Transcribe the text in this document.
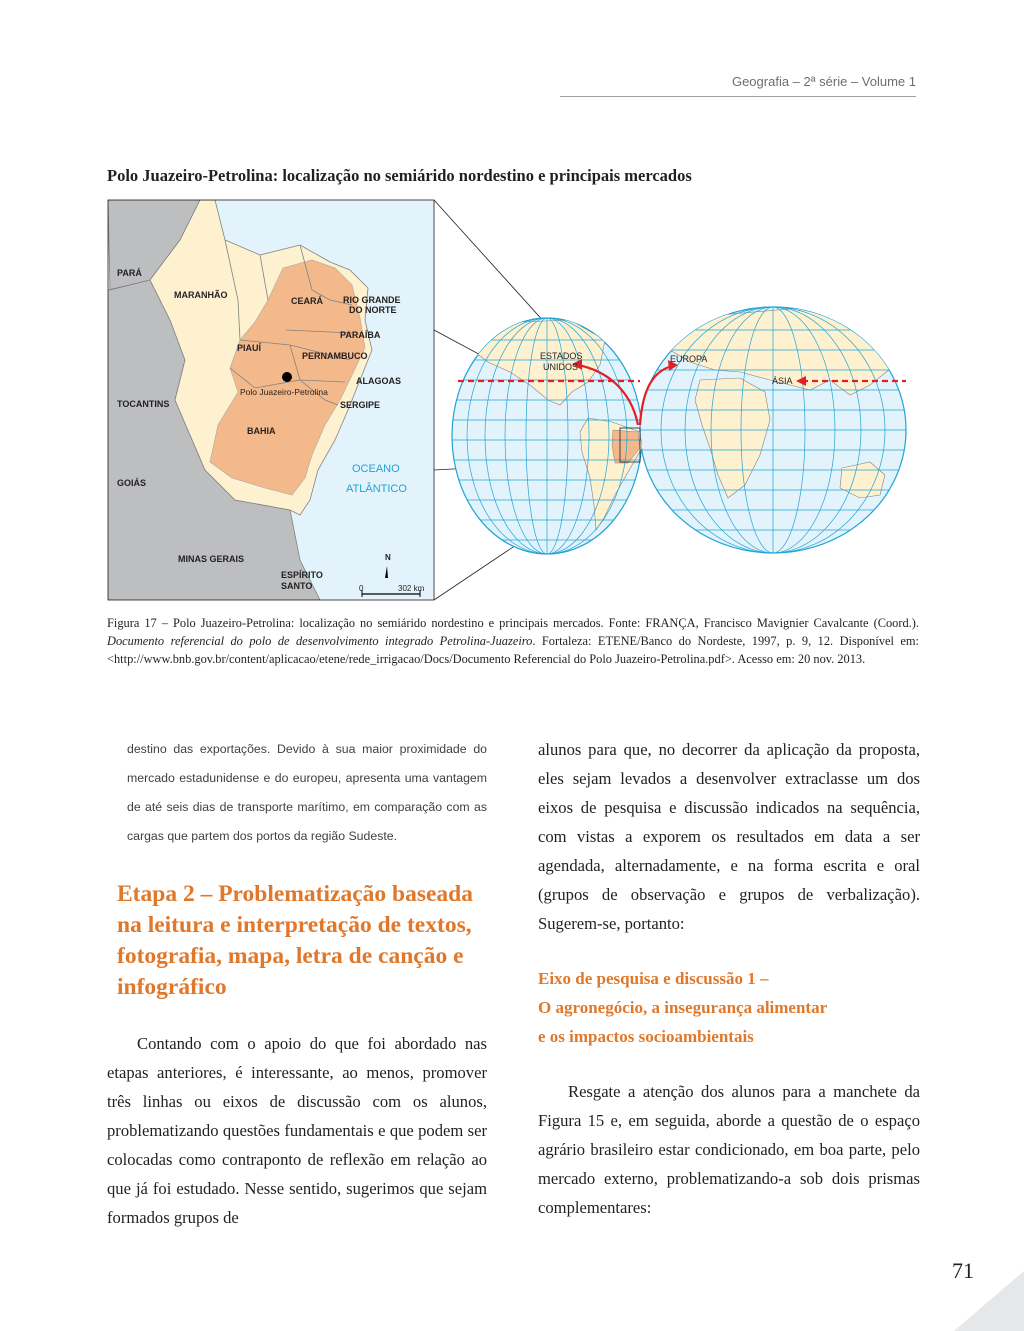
Geografia – 2ª série – Volume 1
Polo Juazeiro-Petrolina: localização no semiárido nordestino e principais mercados
PARÁ
MARANHÃO
CEARÁ RIO GRANDE
DO NORTE
PARAÍBA
PIAUÍ
PERNAMBUCO
ALAGOAS
Polo Juazeiro-Petrolina
TOCANTINS	SERGIPE
BAHIA
OCEANO
ATLÂNTICO
GOIÁS
MINAS GERAIS
ESPÍRITO
SANTO
N
0	302 km
ESTADOS
UNIDOS
EUROPA
ÁSIA
Figura 17 – Polo Juazeiro-Petrolina: localização no semiárido nordestino e principais mercados. Fonte: FRANÇA, Francisco Mavignier Cavalcante (Coord.). Documento referencial do polo de desenvolvimento integrado Petrolina-Juazeiro. Fortaleza: ETENE/Banco do Nordeste, 1997, p. 9, 12. Disponível em: <http://www.bnb.gov.br/content/aplicacao/etene/rede_irrigacao/Docs/Documento Referencial do Polo Juazeiro-Petrolina.pdf>. Acesso em: 20 nov. 2013.

destino das exportações. Devido à sua maior proximidade do mercado estadunidense e do europeu, apresenta uma vantagem de até seis dias de transporte marítimo, em comparação com as cargas que partem dos portos da região Sudeste.

Etapa 2 – Problematização baseada na leitura e interpretação de textos, fotografia, mapa, letra de canção e infográfico

Contando com o apoio do que foi abordado nas etapas anteriores, é interessante, ao menos, promover três linhas ou eixos de discussão com os alunos, problematizando questões fundamentais e que podem ser colocadas como contraponto de reflexão em relação ao que já foi estudado. Nesse sentido, sugerimos que sejam formados grupos de

alunos para que, no decorrer da aplicação da proposta, eles sejam levados a desenvolver extraclasse um dos eixos de pesquisa e discussão indicados na sequência, com vistas a exporem os resultados em data a ser agendada, alternadamente, e na forma escrita e oral (grupos de observação e grupos de verbalização). Sugerem-se, portanto:

Eixo de pesquisa e discussão 1 –
O agronegócio, a insegurança alimentar
e os impactos socioambientais

Resgate a atenção dos alunos para a manchete da Figura 15 e, em seguida, aborde a questão de o espaço agrário brasileiro estar condicionado, em boa parte, pelo mercado externo, problematizando-a sob dois prismas complementares:

71
